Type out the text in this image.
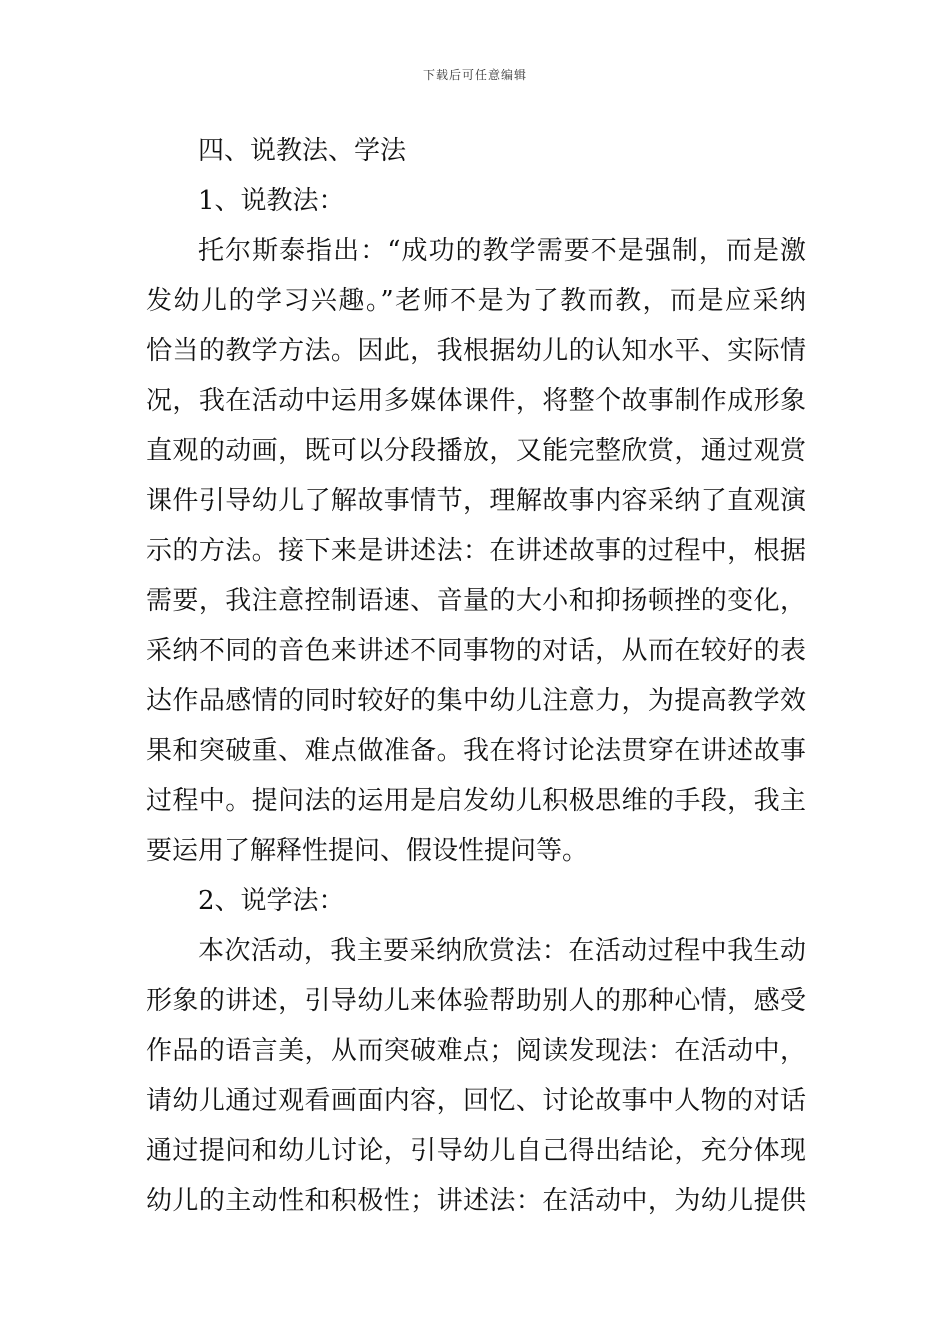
下载后可任意编辑
四、说教法、学法
1、说教法：
托尔斯泰指出：“成功的教学需要不是强制，而是激
发幼儿的学习兴趣。”老师不是为了教而教，而是应采纳
恰当的教学方法。因此，我根据幼儿的认知水平、实际情
况，我在活动中运用多媒体课件，将整个故事制作成形象
直观的动画，既可以分段播放，又能完整欣赏，通过观赏
课件引导幼儿了解故事情节，理解故事内容采纳了直观演
示的方法。接下来是讲述法：在讲述故事的过程中，根据
需要，我注意控制语速、音量的大小和抑扬顿挫的变化，
采纳不同的音色来讲述不同事物的对话，从而在较好的表
达作品感情的同时较好的集中幼儿注意力，为提高教学效
果和突破重、难点做准备。我在将讨论法贯穿在讲述故事
过程中。提问法的运用是启发幼儿积极思维的手段，我主
要运用了解释性提问、假设性提问等。
2、说学法：
本次活动，我主要采纳欣赏法：在活动过程中我生动
形象的讲述，引导幼儿来体验帮助别人的那种心情，感受
作品的语言美，从而突破难点；阅读发现法：在活动中，
请幼儿通过观看画面内容，回忆、讨论故事中人物的对话
通过提问和幼儿讨论，引导幼儿自己得出结论，充分体现
幼儿的主动性和积极性；讲述法：在活动中，为幼儿提供
